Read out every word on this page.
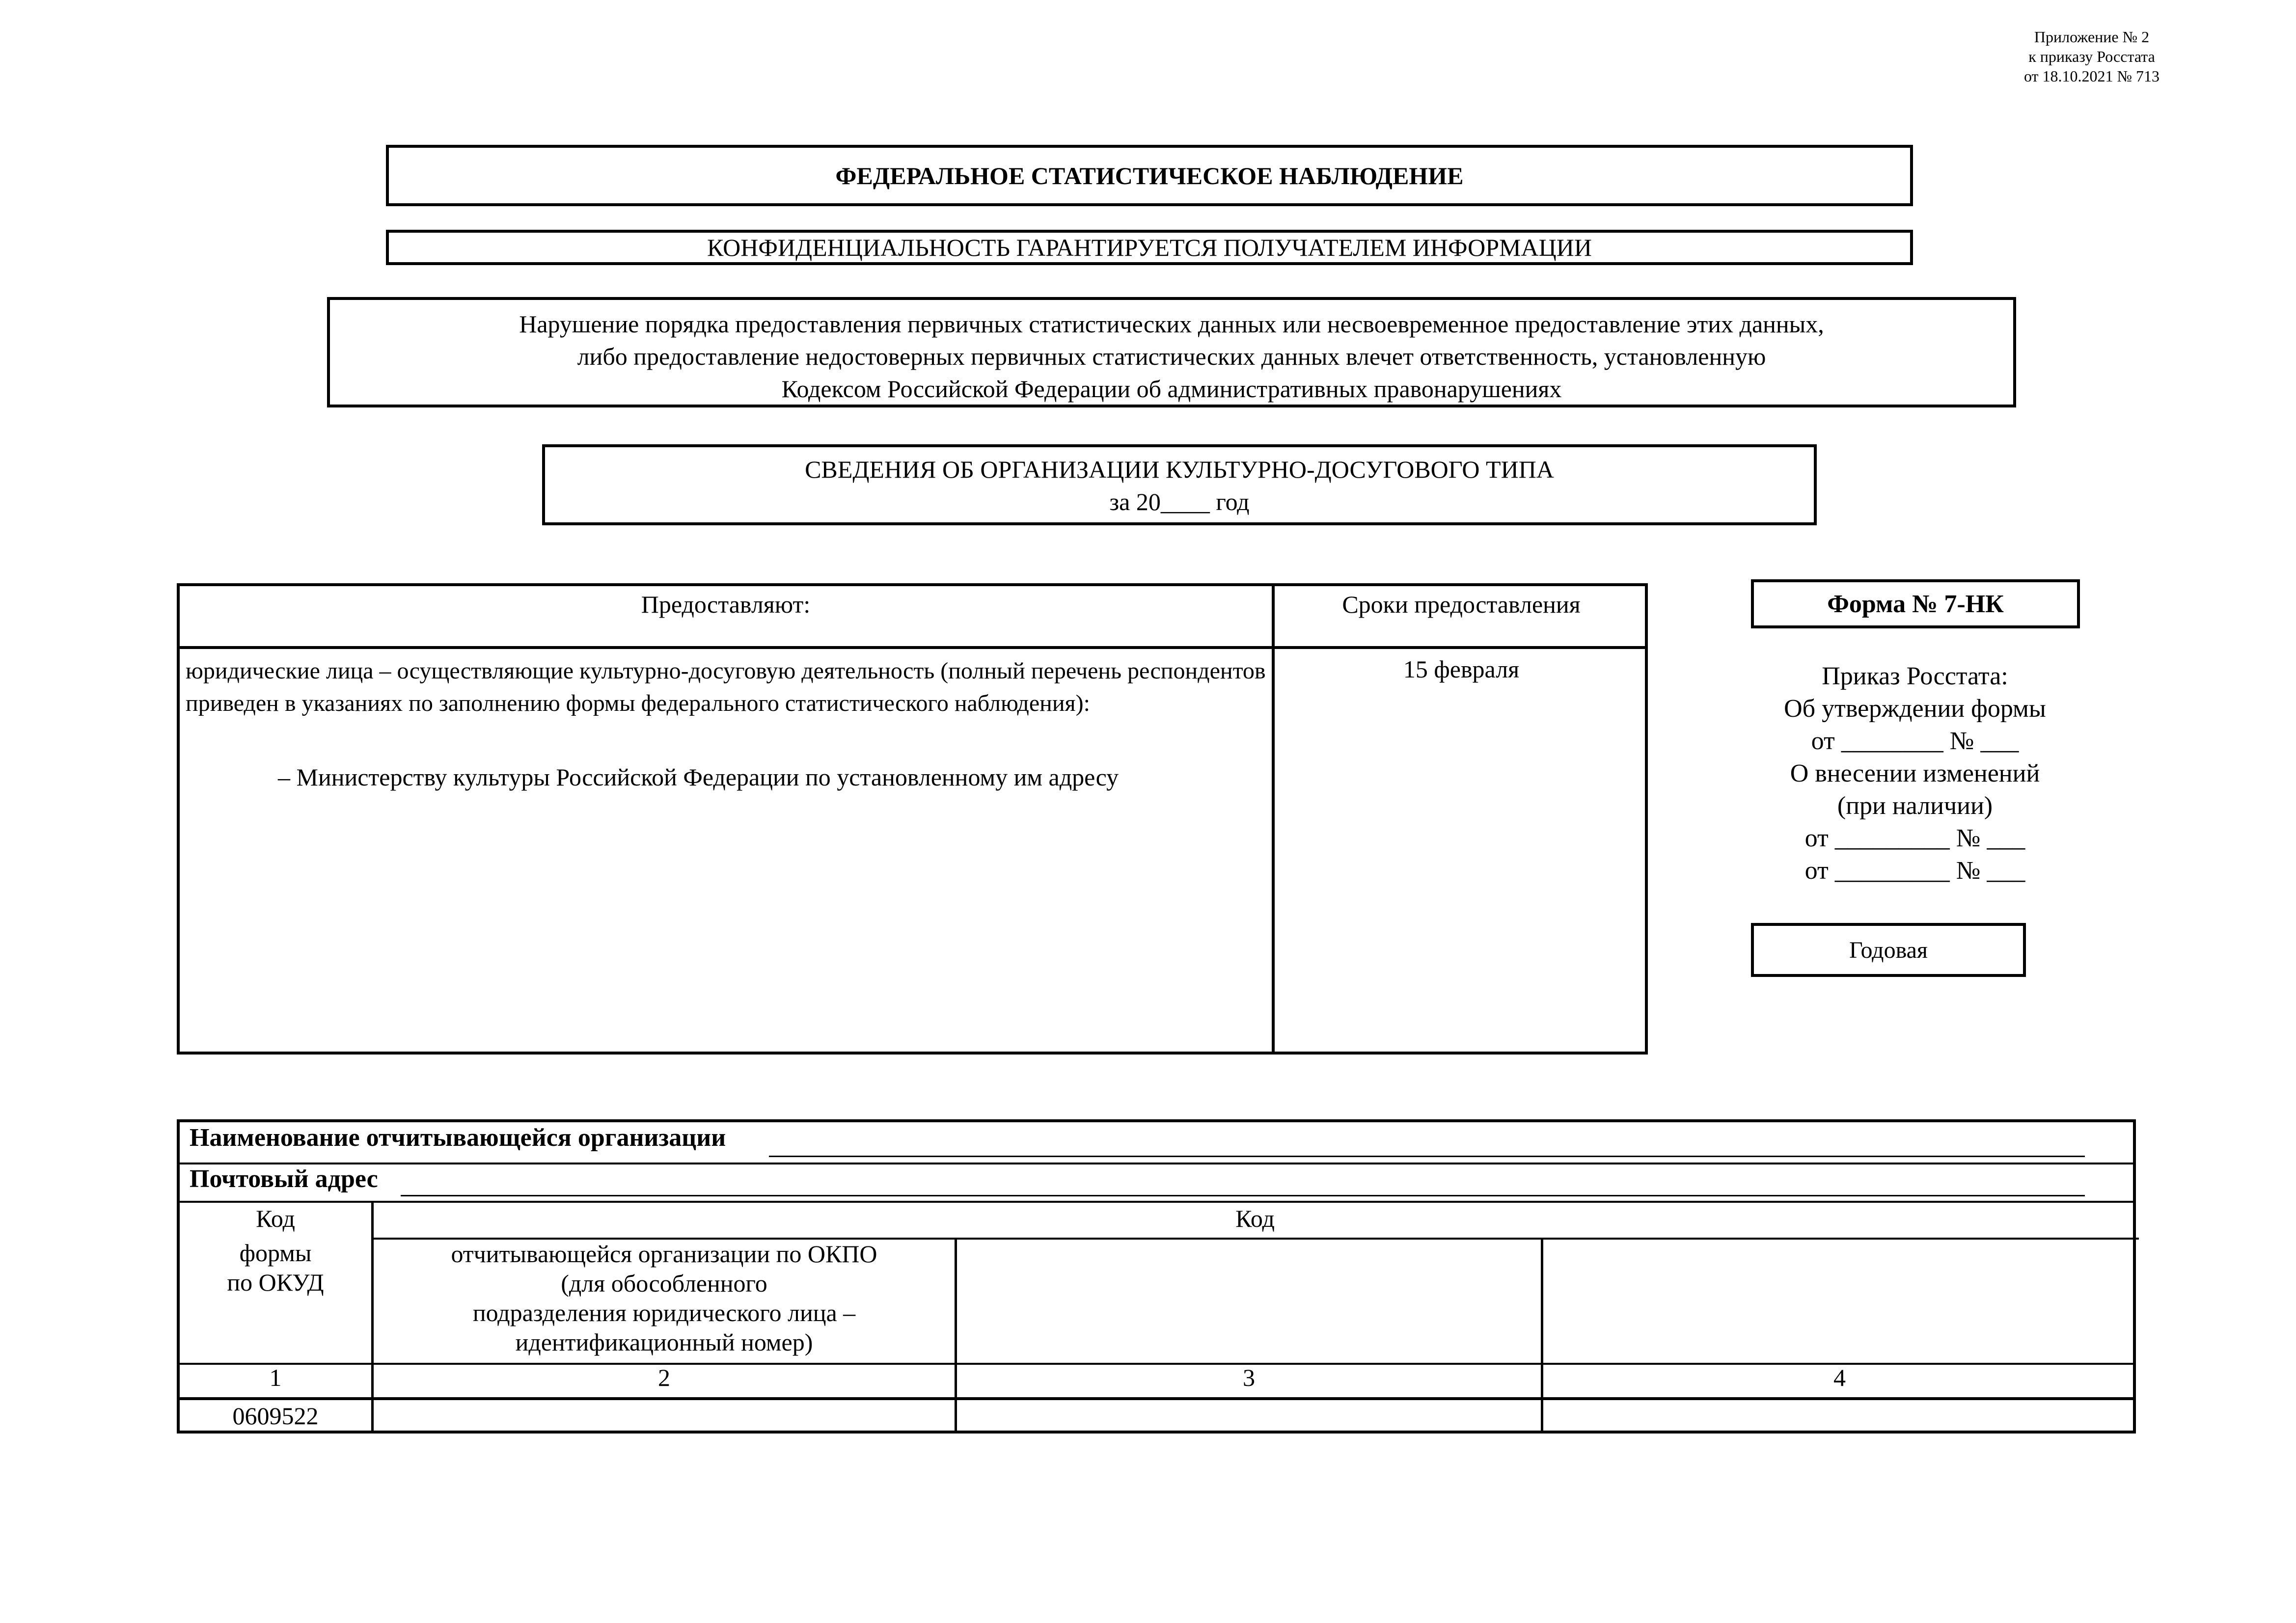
Приложение № 2
к приказу Росстата
от 18.10.2021 № 713
ФЕДЕРАЛЬНОЕ СТАТИСТИЧЕСКОЕ НАБЛЮДЕНИЕ
КОНФИДЕНЦИАЛЬНОСТЬ ГАРАНТИРУЕТСЯ ПОЛУЧАТЕЛЕМ ИНФОРМАЦИИ
Нарушение порядка предоставления первичных статистических данных или несвоевременное предоставление этих данных,
либо предоставление недостоверных первичных статистических данных влечет ответственность, установленную
Кодексом Российской Федерации об административных правонарушениях
СВЕДЕНИЯ ОБ ОРГАНИЗАЦИИ КУЛЬТУРНО-ДОСУГОВОГО ТИПА
за 20____ год
Предоставляют:	Сроки предоставления
юридические лица – осуществляющие культурно-досуговую деятельность (полный перечень респондентов приведен в указаниях по заполнению формы федерального статистического наблюдения):
– Министерству культуры Российской Федерации по установленному им адресу
15 февраля
Форма № 7-НК
Приказ Росстата:
Об утверждении формы
от ________ № ___
О внесении изменений
(при наличии)
от _________ № ___
от _________ № ___
Годовая
Наименование отчитывающейся организации
Почтовый адрес
Код
формы
по ОКУД
Код
отчитывающейся организации по ОКПО
(для обособленного
подразделения юридического лица –
идентификационный номер)
1	2	3	4
0609522
